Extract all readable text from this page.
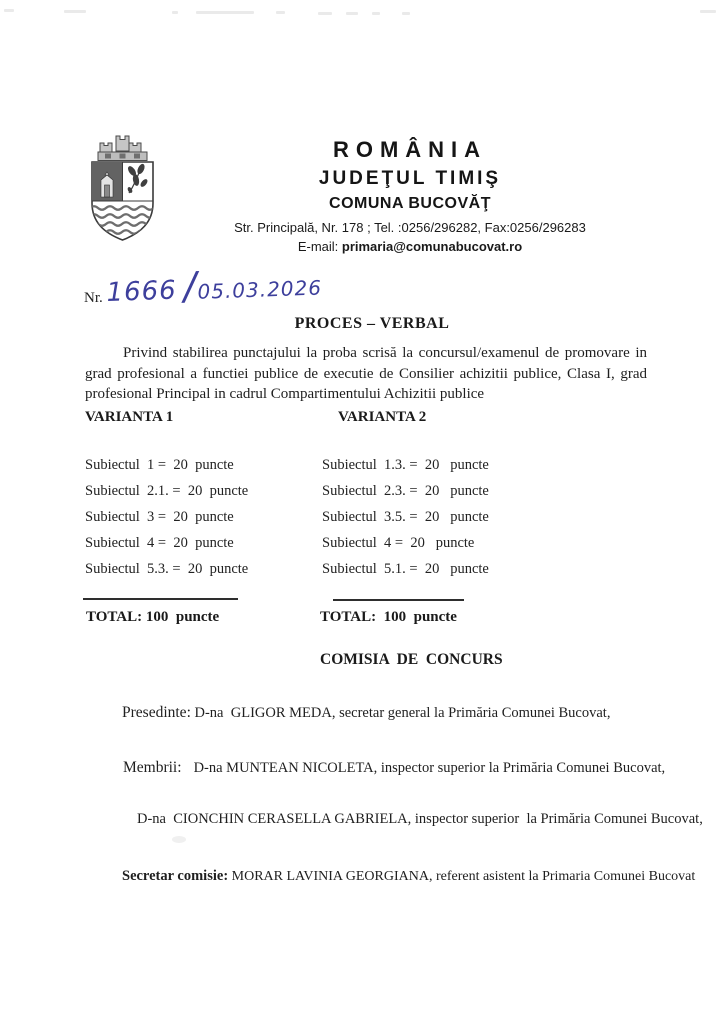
ROMÂNIA
JUDEŢUL TIMIŞ
COMUNA BUCOVĂŢ
Str. Principală, Nr. 178 ; Tel. :0256/296282, Fax:0256/296283
E-mail: primaria@comunabucovat.ro
Nr. 1666 / 05.03.2026
PROCES – VERBAL

Privind stabilirea punctajului la proba scrisă la concursul/examenul de promovare in grad profesional a functiei publice de executie de Consilier achizitii publice, Clasa I, grad profesional Principal in cadrul Compartimentului Achizitii publice

VARIANTA 1	VARIANTA 2
Subiectul  1 =  20  puncte
Subiectul  2.1. =  20  puncte
Subiectul  3 =  20  puncte
Subiectul  4 =  20  puncte
Subiectul  5.3. =  20  puncte
Subiectul  1.3. =  20   puncte
Subiectul  2.3. =  20   puncte
Subiectul  3.5. =  20   puncte
Subiectul  4 =  20   puncte
Subiectul  5.1. =  20   puncte
TOTAL: 100  puncte	TOTAL:  100  puncte
COMISIA  DE  CONCURS
Presedinte: D-na  GLIGOR MEDA, secretar general la Primăria Comunei Bucovat,
Membrii: D-na MUNTEAN NICOLETA, inspector superior la Primăria Comunei Bucovat,
D-na  CIONCHIN CERASELLA GABRIELA, inspector superior  la Primăria Comunei Bucovat,
Secretar comisie: MORAR LAVINIA GEORGIANA, referent asistent la Primaria Comunei Bucovat
